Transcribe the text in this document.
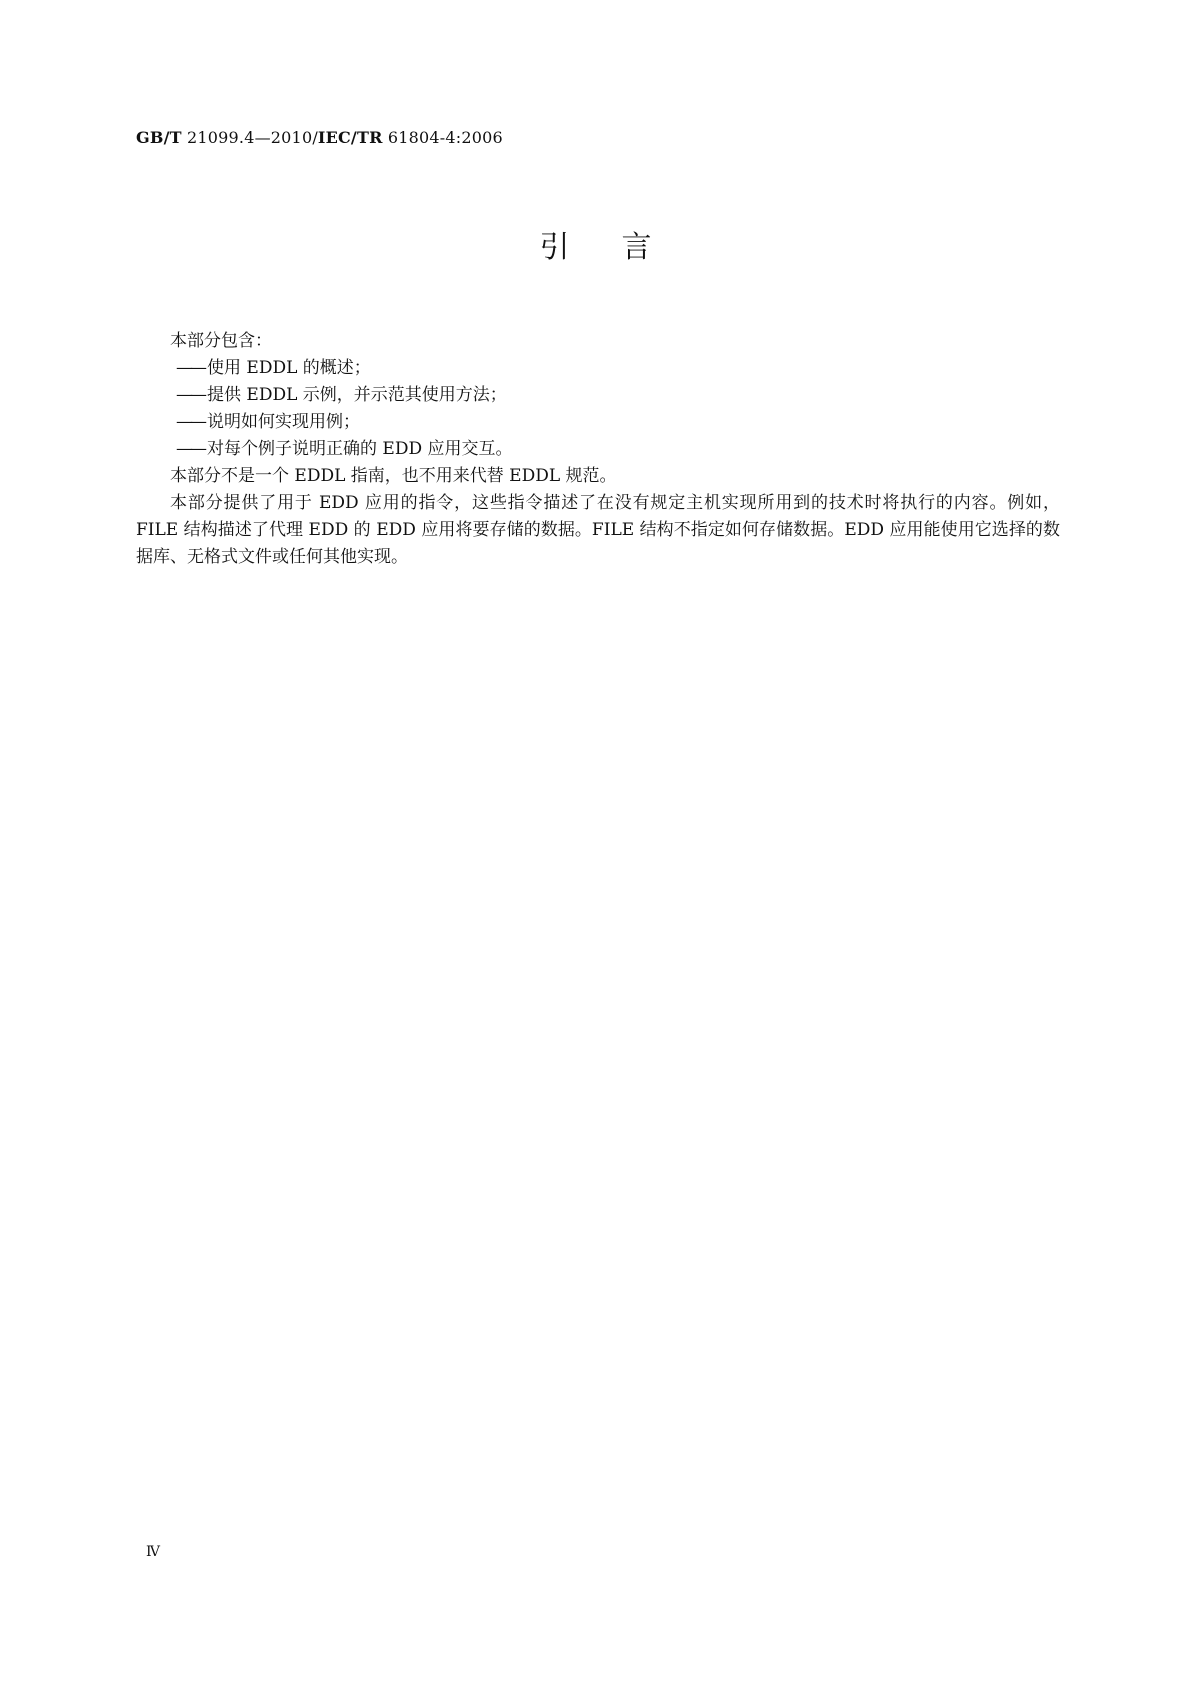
GB/T 21099.4—2010/IEC/TR 61804-4:2006
引言

本部分包含：

—— 使用 EDDL 的概述；

—— 提供 EDDL 示例，并示范其使用方法；

—— 说明如何实现用例；

—— 对每个例子说明正确的 EDD 应用交互。

本部分不是一个 EDDL 指南，也不用来代替 EDDL 规范。

本部分提供了用于 EDD 应用的指令，这些指令描述了在没有规定主机实现所用到的技术时将执行的内容。例如，FILE 结构描述了代理 EDD 的 EDD 应用将要存储的数据。FILE 结构不指定如何存储数据。EDD 应用能使用它选择的数据库、无格式文件或任何其他实现。

Ⅳ
